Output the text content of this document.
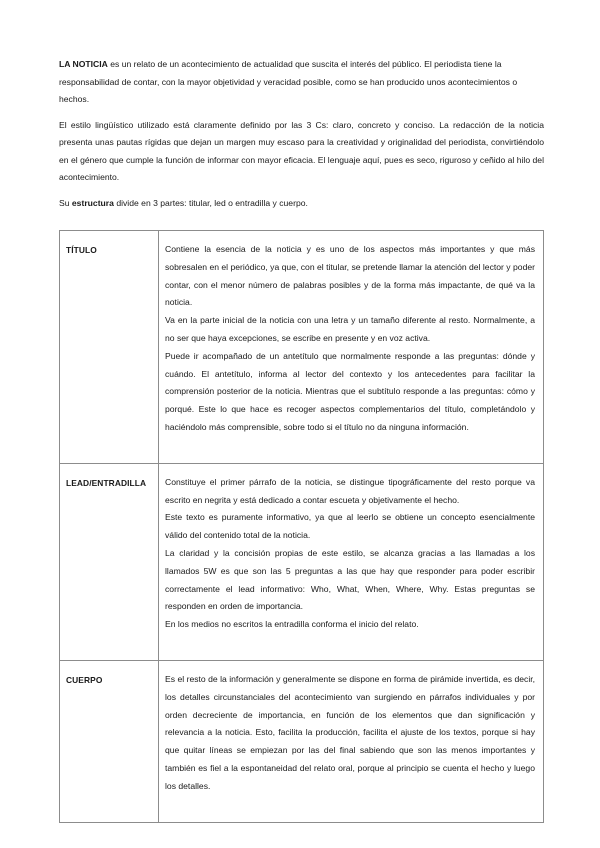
LA NOTICIA es un relato de un acontecimiento de actualidad que suscita el interés del público. El periodista tiene la responsabilidad de contar, con la mayor objetividad y veracidad posible, como se han producido unos acontecimientos o hechos.

El estilo lingüístico utilizado está claramente definido por las 3 Cs: claro, concreto y conciso. La redacción de la noticia presenta unas pautas rígidas que dejan un margen muy escaso para la creatividad y originalidad del periodista, convirtiéndolo en el género que cumple la función de informar con mayor eficacia. El lenguaje aquí, pues es seco, riguroso y ceñido al hilo del acontecimiento.

Su estructura divide en 3 partes: titular, led o entradilla y cuerpo.

TÍTULO	Contiene la esencia de la noticia y es uno de los aspectos más importantes y que más sobresalen en el periódico, ya que, con el titular, se pretende llamar la atención del lector y poder contar, con el menor número de palabras posibles y de la forma más impactante, de qué va la noticia.

Va en la parte inicial de la noticia con una letra y un tamaño diferente al resto. Normalmente, a no ser que haya excepciones, se escribe en presente y en voz activa.

Puede ir acompañado de un antetítulo que normalmente responde a las preguntas: dónde y cuándo. El antetítulo, informa al lector del contexto y los antecedentes para facilitar la comprensión posterior de la noticia. Mientras que el subtítulo responde a las preguntas: cómo y porqué. Este lo que hace es recoger aspectos complementarios del título, completándolo y haciéndolo más comprensible, sobre todo si el título no da ninguna información.

LEAD/ENTRADILLA	Constituye el primer párrafo de la noticia, se distingue tipográficamente del resto porque va escrito en negrita y está dedicado a contar escueta y objetivamente el hecho.

Este texto es puramente informativo, ya que al leerlo se obtiene un concepto esencialmente válido del contenido total de la noticia.

La claridad y la concisión propias de este estilo, se alcanza gracias a las llamadas a los llamados 5W es que son las 5 preguntas a las que hay que responder para poder escribir correctamente el lead informativo: Who, What, When, Where, Why. Estas preguntas se responden en orden de importancia.

En los medios no escritos la entradilla conforma el inicio del relato.

CUERPO	Es el resto de la información y generalmente se dispone en forma de pirámide invertida, es decir, los detalles circunstanciales del acontecimiento van surgiendo en párrafos individuales y por orden decreciente de importancia, en función de los elementos que dan significación y relevancia a la noticia. Esto, facilita la producción, facilita el ajuste de los textos, porque si hay que quitar líneas se empiezan por las del final sabiendo que son las menos importantes y también es fiel a la espontaneidad del relato oral, porque al principio se cuenta el hecho y luego los detalles.
